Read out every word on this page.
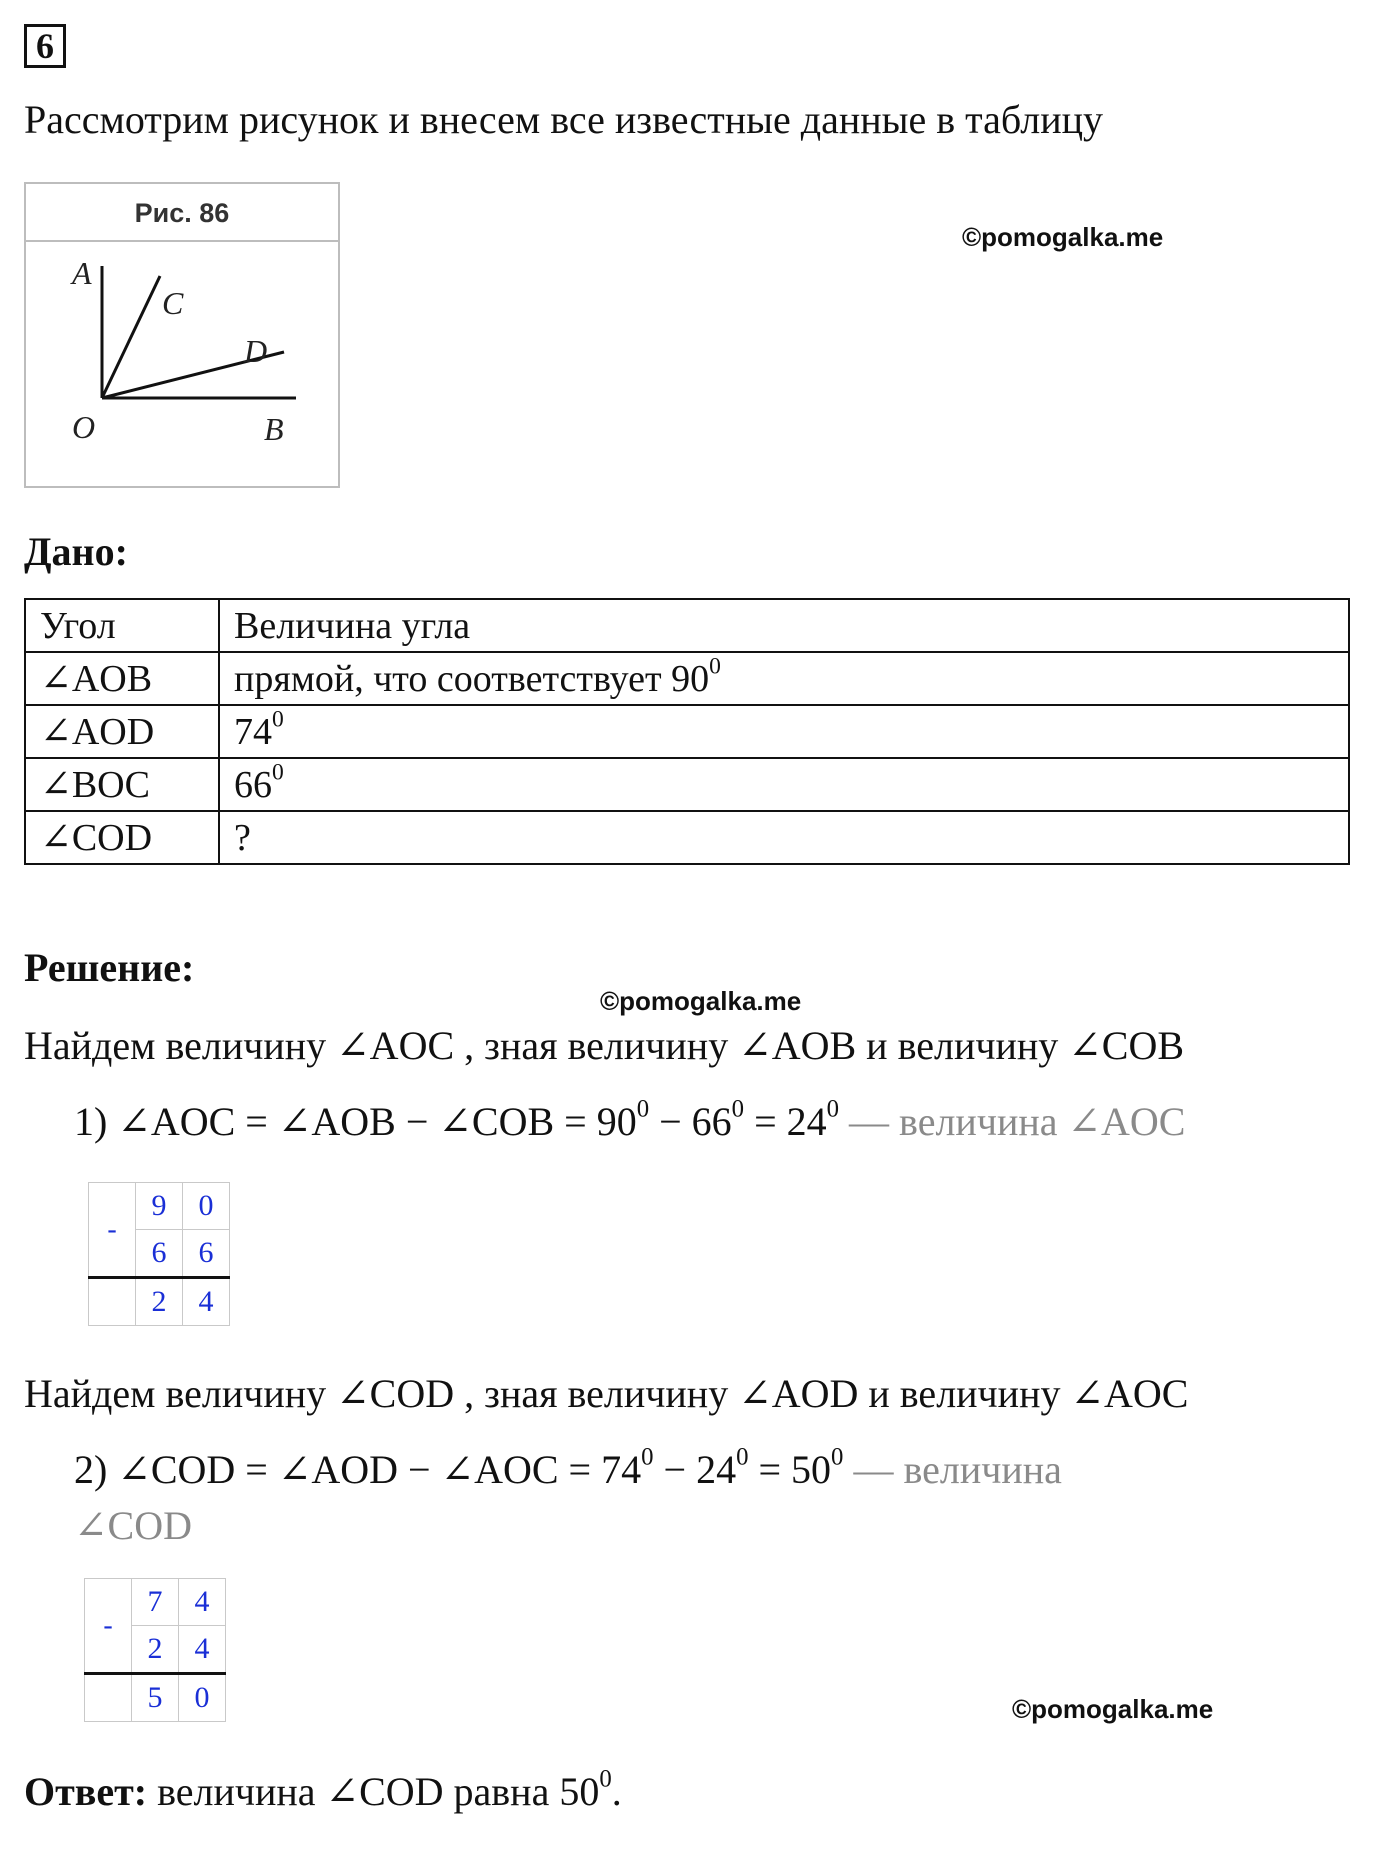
6
Рассмотрим рисунок и внесем все известные данные в таблицу
Рис. 86
A
C
D
O	B
©pomogalka.me
Дано:
Угол	Величина угла
∠AOB	прямой, что соответствует $90^0$
∠AOD	$74^0$
∠BOC	$66^0$
∠COD	?
Решение:
©pomogalka.me
Найдем величину ∠AOC , зная величину ∠AOB и величину ∠COB
1) ∠AOC = ∠AOB − ∠COB = $90^0 - 66^0 = 24^0$ — величина ∠AOC
-	9	0
	6	6
	2	4
Найдем величину ∠COD , зная величину ∠AOD и величину ∠AOC
2) ∠COD = ∠AOD − ∠AOC = $74^0 - 24^0 = 50^0$ — величина
∠COD
-	7	4
	2	4
	5	0	©pomogalka.me
Ответ: величина ∠COD равна $50^0$.
